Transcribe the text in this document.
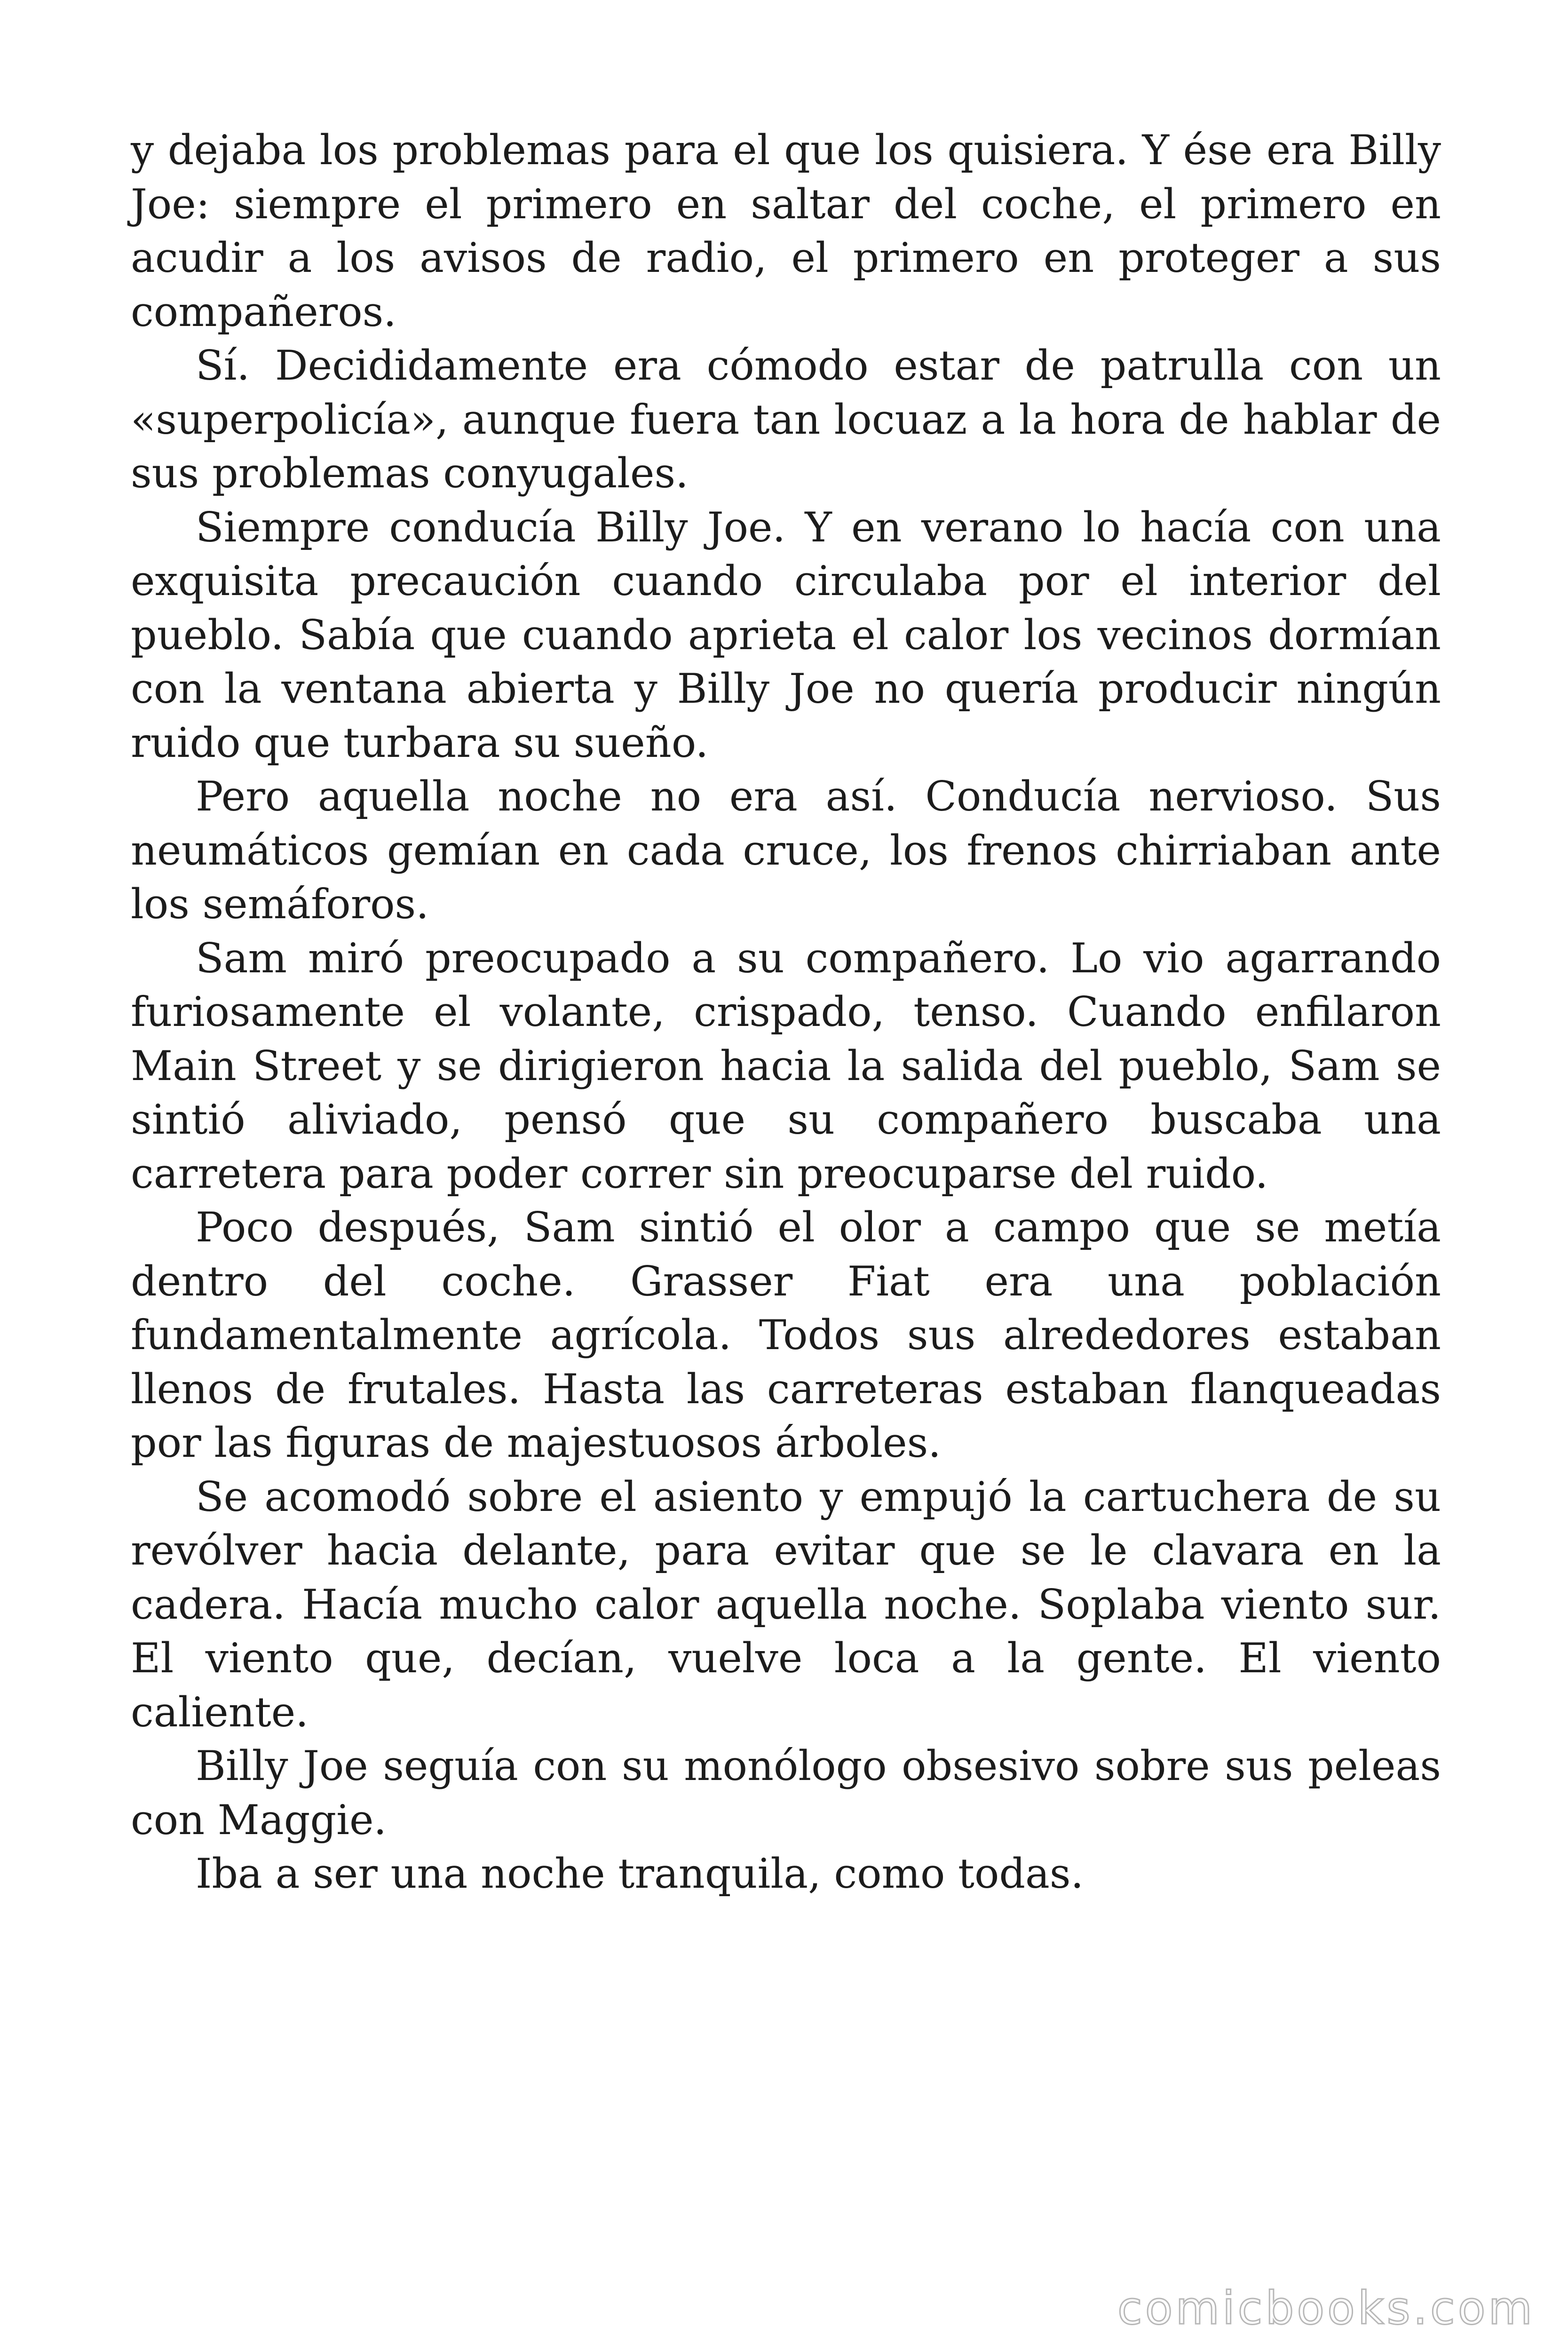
y dejaba los problemas para el que los quisiera. Y ése era Billy Joe: siempre el primero en saltar del coche, el primero en acudir a los avisos de radio, el primero en proteger a sus compañeros.

Sí. Decididamente era cómodo estar de patrulla con un «superpolicía», aunque fuera tan locuaz a la hora de hablar de sus problemas conyugales.

Siempre conducía Billy Joe. Y en verano lo hacía con una exquisita precaución cuando circulaba por el interior del pueblo. Sabía que cuando aprieta el calor los vecinos dormían con la ventana abierta y Billy Joe no quería producir ningún ruido que turbara su sueño.

Pero aquella noche no era así. Conducía nervioso. Sus neumáticos gemían en cada cruce, los frenos chirriaban ante los semáforos.

Sam miró preocupado a su compañero. Lo vio agarrando furiosamente el volante, crispado, tenso. Cuando enfilaron Main Street y se dirigieron hacia la salida del pueblo, Sam se sintió aliviado, pensó que su compañero buscaba una carretera para poder correr sin preocuparse del ruido.

Poco después, Sam sintió el olor a campo que se metía dentro del coche. Grasser Fiat era una población fundamentalmente agrícola. Todos sus alrededores estaban llenos de frutales. Hasta las carreteras estaban flanqueadas por las figuras de majestuosos árboles.

Se acomodó sobre el asiento y empujó la cartuchera de su revólver hacia delante, para evitar que se le clavara en la cadera. Hacía mucho calor aquella noche. Soplaba viento sur. El viento que, decían, vuelve loca a la gente. El viento caliente.

Billy Joe seguía con su monólogo obsesivo sobre sus peleas con Maggie.

Iba a ser una noche tranquila, como todas.

comicbooks.com
